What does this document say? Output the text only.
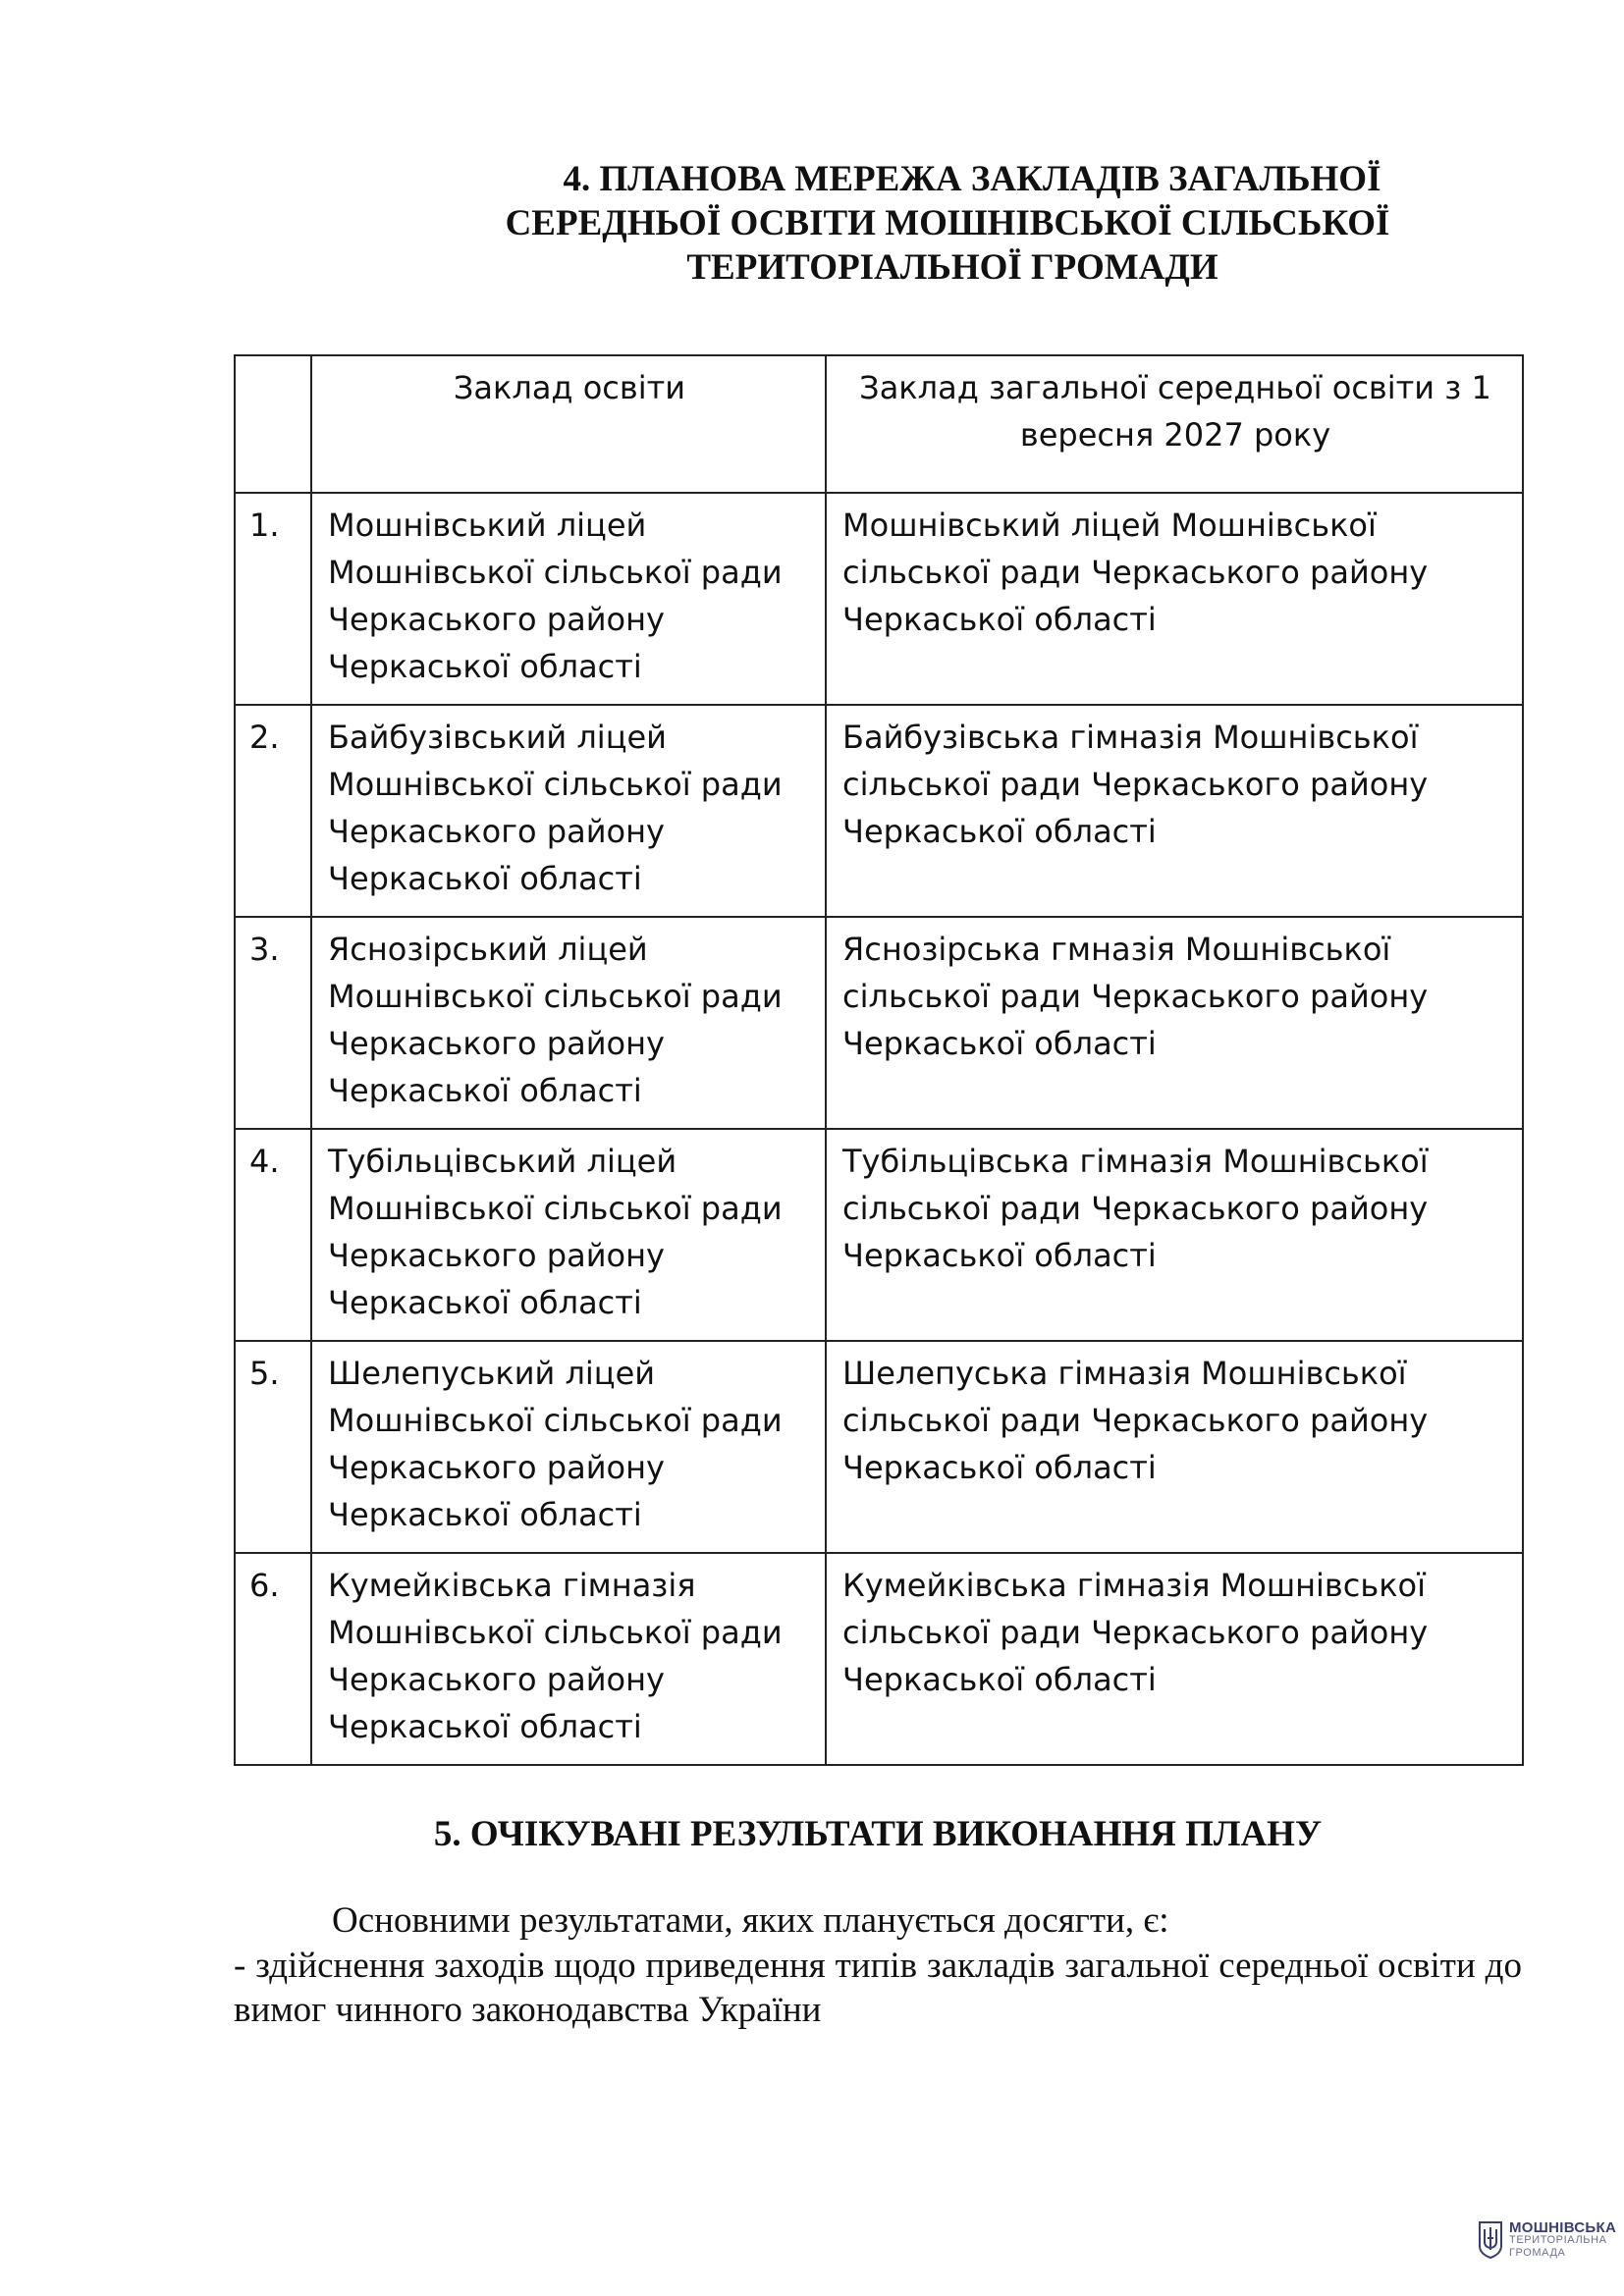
4. ПЛАНОВА МЕРЕЖА ЗАКЛАДІВ ЗАГАЛЬНОЇ
СЕРЕДНЬОЇ ОСВІТИ МОШНІВСЬКОЇ СІЛЬСЬКОЇ
ТЕРИТОРІАЛЬНОЇ ГРОМАДИ
	Заклад освіти	Заклад загальної середньої освіти з 1 вересня 2027 року
1.	Мошнівський ліцей Мошнівської сільської ради Черкаського району Черкаської області	Мошнівський ліцей Мошнівської сільської ради Черкаського району Черкаської області
2.	Байбузівський ліцей Мошнівської сільської ради Черкаського району Черкаської області	Байбузівська гімназія Мошнівської сільської ради Черкаського району Черкаської області
3.	Яснозірський ліцей Мошнівської сільської ради Черкаського району Черкаської області	Яснозірська гмназія Мошнівської сільської ради Черкаського району Черкаської області
4.	Тубільцівський ліцей Мошнівської сільської ради Черкаського району Черкаської області	Тубільцівська гімназія Мошнівської сільської ради Черкаського району Черкаської області
5.	Шелепуський ліцей Мошнівської сільської ради Черкаського району Черкаської області	Шелепуська гімназія Мошнівської сільської ради Черкаського району Черкаської області
6.	Кумейківська гімназія Мошнівської сільської ради Черкаського району Черкаської області	Кумейківська гімназія Мошнівської сільської ради Черкаського району Черкаської області
5. ОЧІКУВАНІ РЕЗУЛЬТАТИ ВИКОНАННЯ ПЛАНУ

Основними результатами, яких планується досягти, є:

- здійснення заходів щодо приведення типів закладів загальної середньої освіти до вимог чинного законодавства України

МОШНІВСЬКА
ТЕРИТОРІАЛЬНА
ГРОМАДА
